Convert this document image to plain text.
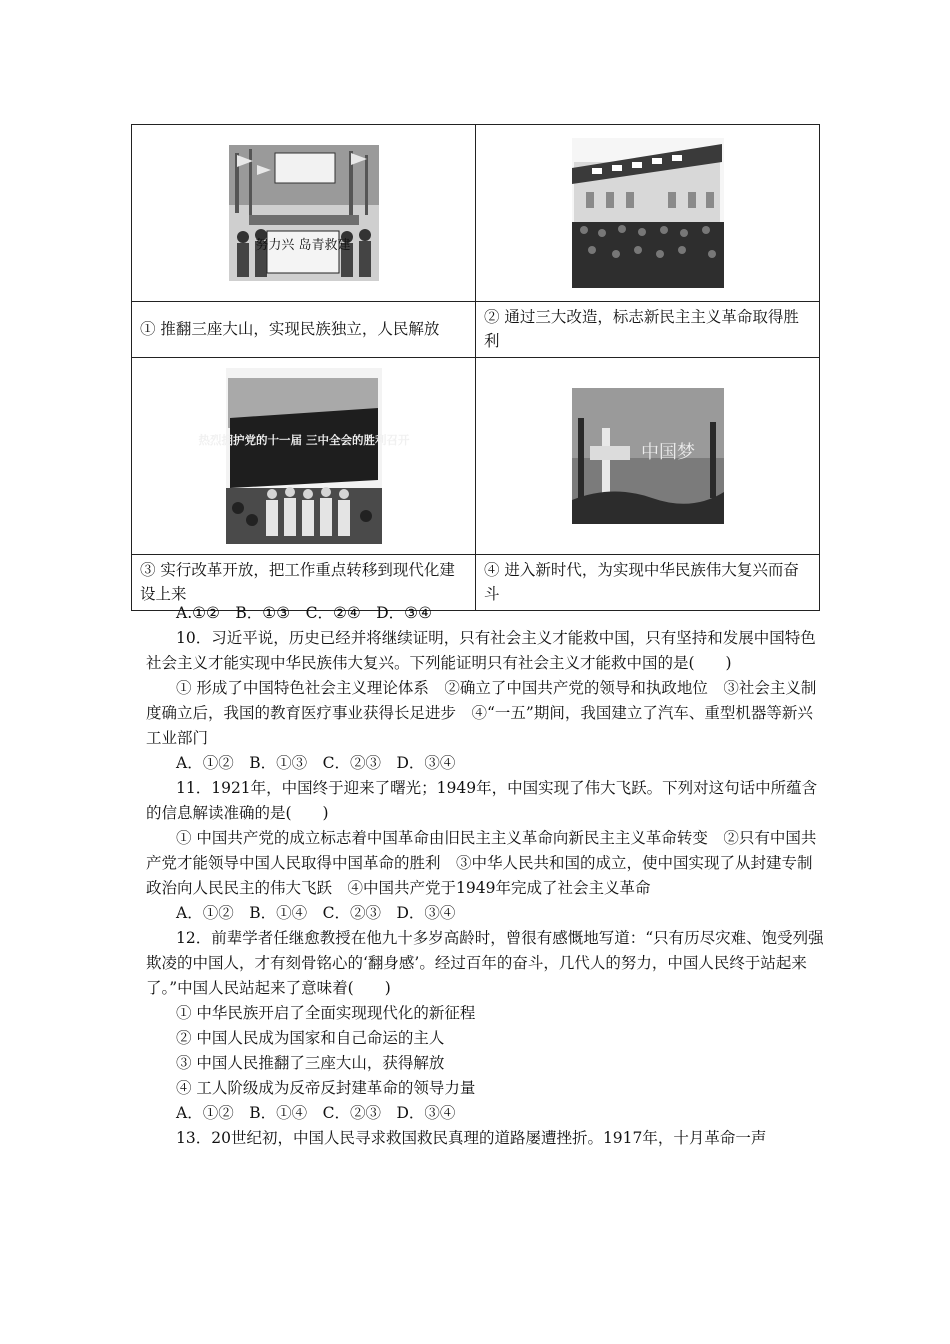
努力兴 岛青救建

① 推翻三座大山，实现民族独立，人民解放	② 通过三大改造，标志新民主主义革命取得胜利

热烈拥护党的十一届 三中全会的胜利召开	中国梦

③ 实行改革开放，把工作重点转移到现代化建设上来	④ 进入新时代，为实现中华民族伟大复兴而奋斗

A.①②　B．①③　C．②④　D．③④

10．习近平说，历史已经并将继续证明，只有社会主义才能救中国，只有坚持和发展中国特色社会主义才能实现中华民族伟大复兴。下列能证明只有社会主义才能救中国的是(　　)

① 形成了中国特色社会主义理论体系　②确立了中国共产党的领导和执政地位　③社会主义制度确立后，我国的教育医疗事业获得长足进步　④“一五”期间，我国建立了汽车、重型机器等新兴工业部门

A．①②　B．①③　C．②③　D．③④

11．1921年，中国终于迎来了曙光；1949年，中国实现了伟大飞跃。下列对这句话中所蕴含的信息解读准确的是(　　)

① 中国共产党的成立标志着中国革命由旧民主主义革命向新民主主义革命转变　②只有中国共产党才能领导中国人民取得中国革命的胜利　③中华人民共和国的成立，使中国实现了从封建专制政治向人民民主的伟大飞跃　④中国共产党于1949年完成了社会主义革命

A．①②　B．①④　C．②③　D．③④

12．前辈学者任继愈教授在他九十多岁高龄时，曾很有感慨地写道：“只有历尽灾难、饱受列强欺凌的中国人，才有刻骨铭心的‘翻身感’。经过百年的奋斗，几代人的努力，中国人民终于站起来了。”中国人民站起来了意味着(　　)

① 中华民族开启了全面实现现代化的新征程

② 中国人民成为国家和自己命运的主人

③ 中国人民推翻了三座大山，获得解放

④ 工人阶级成为反帝反封建革命的领导力量

A．①②　B．①④　C．②③　D．③④

13．20世纪初，中国人民寻求救国救民真理的道路屡遭挫折。1917年，十月革命一声
